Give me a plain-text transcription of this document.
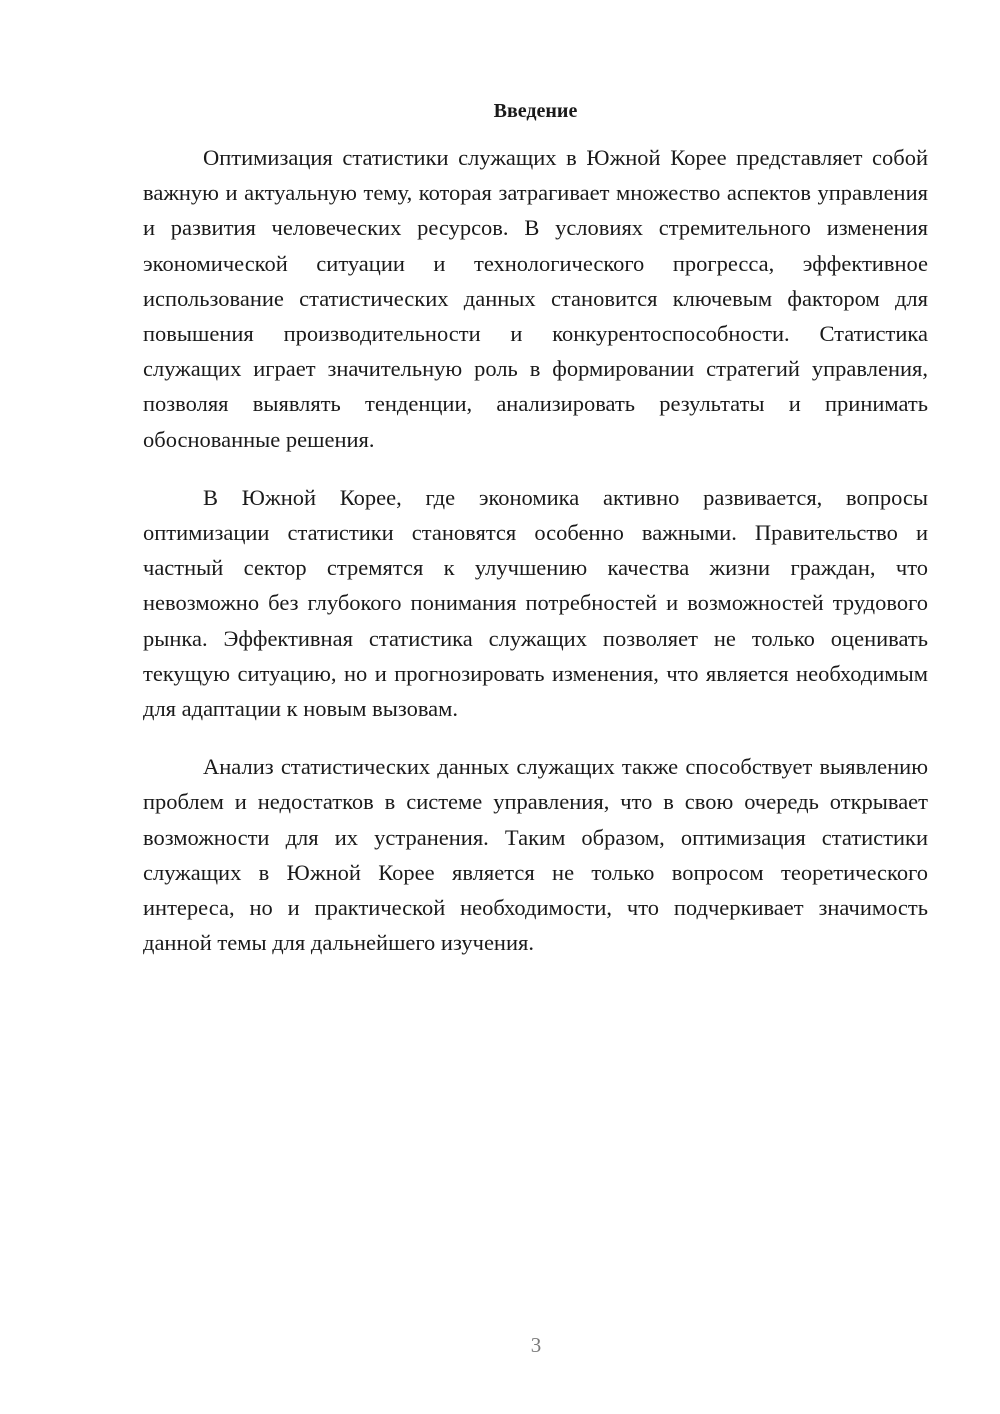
Введение

Оптимизация статистики служащих в Южной Корее представляет собой важную и актуальную тему, которая затрагивает множество аспектов управления и развития человеческих ресурсов. В условиях стремительного изменения экономической ситуации и технологического прогресса, эффективное использование статистических данных становится ключевым фактором для повышения производительности и конкурентоспособности. Статистика служащих играет значительную роль в формировании стратегий управления, позволяя выявлять тенденции, анализировать результаты и принимать обоснованные решения.

В Южной Корее, где экономика активно развивается, вопросы оптимизации статистики становятся особенно важными. Правительство и частный сектор стремятся к улучшению качества жизни граждан, что невозможно без глубокого понимания потребностей и возможностей трудового рынка. Эффективная статистика служащих позволяет не только оценивать текущую ситуацию, но и прогнозировать изменения, что является необходимым для адаптации к новым вызовам.

Анализ статистических данных служащих также способствует выявлению проблем и недостатков в системе управления, что в свою очередь открывает возможности для их устранения. Таким образом, оптимизация статистики служащих в Южной Корее является не только вопросом теоретического интереса, но и практической необходимости, что подчеркивает значимость данной темы для дальнейшего изучения.

3
